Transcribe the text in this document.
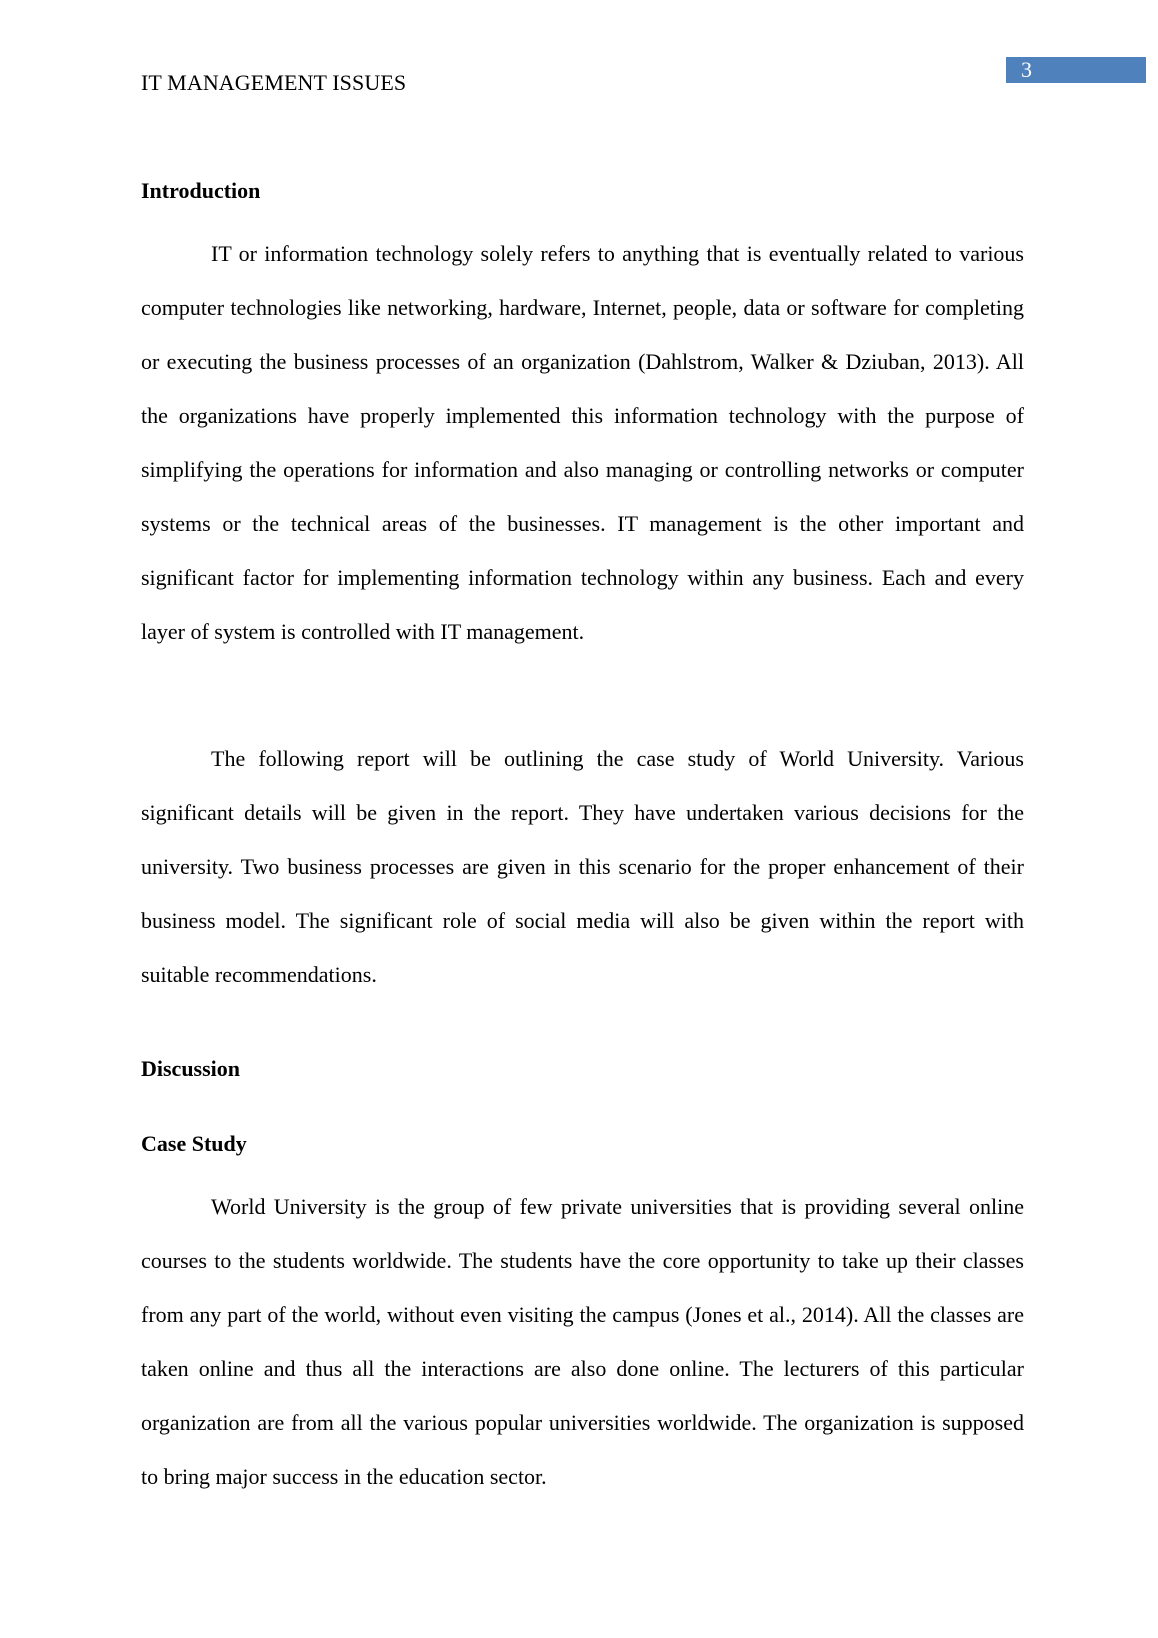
IT MANAGEMENT ISSUES
3
Introduction

IT or information technology solely refers to anything that is eventually related to various computer technologies like networking, hardware, Internet, people, data or software for completing or executing the business processes of an organization (Dahlstrom, Walker & Dziuban, 2013). All the organizations have properly implemented this information technology with the purpose of simplifying the operations for information and also managing or controlling networks or computer systems or the technical areas of the businesses. IT management is the other important and significant factor for implementing information technology within any business. Each and every layer of system is controlled with IT management.

The following report will be outlining the case study of World University. Various significant details will be given in the report. They have undertaken various decisions for the university. Two business processes are given in this scenario for the proper enhancement of their business model. The significant role of social media will also be given within the report with suitable recommendations.

Discussion
Case Study

World University is the group of few private universities that is providing several online courses to the students worldwide. The students have the core opportunity to take up their classes from any part of the world, without even visiting the campus (Jones et al., 2014). All the classes are taken online and thus all the interactions are also done online. The lecturers of this particular organization are from all the various popular universities worldwide. The organization is supposed to bring major success in the education sector.
